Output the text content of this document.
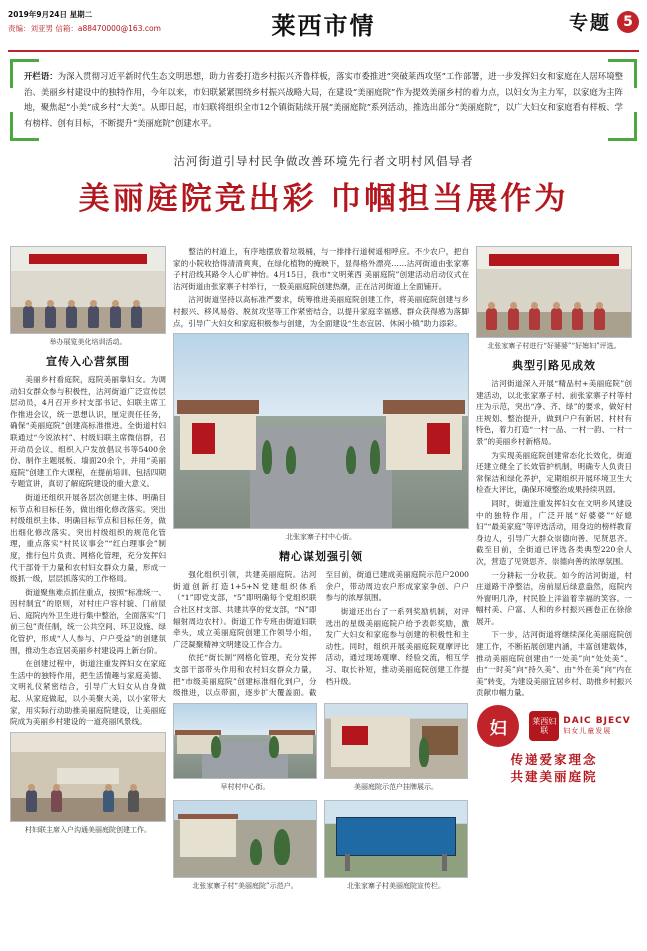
2019年9月24日 星期二
责编：刘亚男 信箱：a88470000@163.com	莱西市情	专题 5
开栏语：为深入贯彻习近平新时代生态文明思想，助力省委打造乡村振兴齐鲁样板，落实市委推进“突破莱西攻坚”工作部署，进一步发挥妇女和家庭在人居环境整治、美丽乡村建设中的独特作用，今年以来，市妇联紧紧围绕乡村振兴战略大局，在建设“美丽庭院”作为提效美丽乡村的着力点，以妇女为主力军，以家庭为主阵地，聚焦起“小美”成乡村“大美”。从即日起，市妇联将组织全市12个镇街陆续开展“美丽庭院”系列活动，推选出部分“美丽庭院”，以广大妇女和家庭看有样板、学有榜样、创有目标，不断提升“美丽庭院”创建水平。
沽河街道引导村民争做改善环境先行者文明村风倡导者
美丽庭院竞出彩 巾帼担当展作为
举办展览美化培训活动。
宣传入心营氛围

美丽乡村看庭院，庭院美丽靠妇女。为调动妇女群众参与积极性，沽河街道广泛宣传层层动员，4月召开乡村支部书记、妇联主席工作推进会议，统一思想认识，厘定责任任务，确保“美丽庭院”创建高标准推进。全街道村妇联通过“今说浓村”、村级妇联主席微信群，召开动员会议、组织入户发放倡议书等5400余份、制作主题展板、墙面20余个，并用“美丽庭院”创建工作大课程，在提前培训、包括四期专题宣讲，真切了解庭院建设的重大意义。

街道还组织开展各层次创建主体、明确目标节点和目标任务，做出细化修改落实。突出村级组织主体、明确目标节点和目标任务，做出细化修改落实。突出村级组织的规范化管理，重点落实“村民议事会”“红白理事会”制度，推行包片负责、网格化管理，充分发挥妇代干部骨干力量和农村妇女群众力量，形成一级抓一级，层层抓落实的工作格局。

街道聚焦难点抓住重点，按照“标准统一、因村制宜”的原则，对村庄户容村貌、门前屋后、庭院内外卫生进行集中整治，全面落实“门前三包”责任制，统一公共空间、环卫设施、绿化管护，形成“人人参与、户户受益”的创建氛围，推动生态宜居美丽乡村建设再上新台阶。

在创建过程中，街道注重发挥妇女在家庭生活中的独特作用，把生活情趣与家庭美德、文明礼仪紧密结合，引导广大妇女从自身做起、从家庭做起，以小美聚大美，以小家带大家，用实际行动助推美丽庭院建设，让美丽庭院成为美丽乡村建设的一道亮丽风景线。

村妇联主席入户沟通美丽庭院创建工作。

整洁的村道上，有序地摆放着垃圾桶，与一排排行道树遥相呼应。不少农户，把自家的小院收拾得清清爽爽，在绿化植物的掩映下，显得格外漂亮……沽河街道由张家寨子村沿线其路令人心旷神怡。4月15日，我市“文明莱西 美丽庭院”创建活动启动仪式在沽河街道由张家寨子村举行，一股美丽庭院创建热潮，正在沽河街道上全面铺开。

沽河街道坚持以高标准严要求，统筹推进美丽庭院创建工作，将美丽庭院创建与乡村振兴、移风易俗、脱贫攻坚等工作紧密结合，以提升家庭幸福感、群众获得感为落脚点，引导广大妇女和家庭积极参与创建，为全面建设“生态宜居、休闲小镇”助力添彩。

北张家寨子村中心街。
精心谋划强引领

强化组织引领，共建美丽庭院。沽河街道创新打造1+5+N党建组织体系（“1”即党支部，“5”即明确每个党组织联合社区村支部、共建共享的党支部，“N”即辐射周边农村）。街道工作专班由街道妇联牵头，成立美丽庭院创建工作领导小组，广泛凝聚精神文明建设工作合力。

依托“街长制”网格化管理，充分发挥支部干部带头作用和农村妇女群众力量，把“市级美丽庭院”创建标准细化到户，分级推进，以点带面，逐步扩大覆盖面。截至目前，街道已建成美丽庭院示范户2000余户，带动周边农户形成家家争创、户户参与的浓厚氛围。

街道还出台了一系列奖励机制，对评选出的星级美丽庭院户给予表彰奖励，激发广大妇女和家庭参与创建的积极性和主动性。同时，组织开展美丽庭院观摩评比活动，通过现场观摩、经验交流，相互学习、取长补短，推动美丽庭院创建工作提档升级。

早村村中心街。	美丽庭院示范户挂牌展示。
北张家寨子村“美丽庭院”示范户。	北张家寨子村美丽庭院宣传栏。
北张家寨子村进行“好婆婆”“好媳妇”评选。
典型引路见成效

沽河街道深入开展“精品村+美丽庭院”创建活动，以北张家寨子村、前张家寨子村等村庄为示范，突出“净、齐、绿”的要求，做好村庄规划、整治提升，做到户户有新居、村村有特色，着力打造“一村一品、一村一韵、一村一景”的美丽乡村新格局。

为实现美丽庭院创建常态化长效化，街道还建立健全了长效管护机制，明确专人负责日常保洁和绿化养护，定期组织开展环境卫生大检查大评比，确保环境整治成果持续巩固。

同时，街道注重发挥妇女在文明乡风建设中的独特作用，广泛开展“好婆婆”“好媳妇”“最美家庭”等评选活动，用身边的榜样教育身边人，引导广大群众崇德向善、见贤思齐。截至目前，全街道已评选各类典型220余人次，营造了见贤思齐、崇德向善的浓厚氛围。

一分耕耘一分收获。如今的沽河街道，村庄道路干净整洁，房前屋后绿意盎然，庭院内外窗明几净，村民脸上洋溢着幸福的笑容。一幅村美、户富、人和的乡村振兴画卷正在徐徐展开。

下一步，沽河街道将继续深化美丽庭院创建工作，不断拓展创建内涵，丰富创建载体，推动美丽庭院创建由“一处美”向“处处美”、由“一时美”向“持久美”、由“外在美”向“内在美”转变，为建设美丽宜居乡村、助推乡村振兴贡献巾帼力量。

妇	莱西妇联
DAIC BJECV
妇女儿童发展
传递爱家理念
共建美丽庭院
